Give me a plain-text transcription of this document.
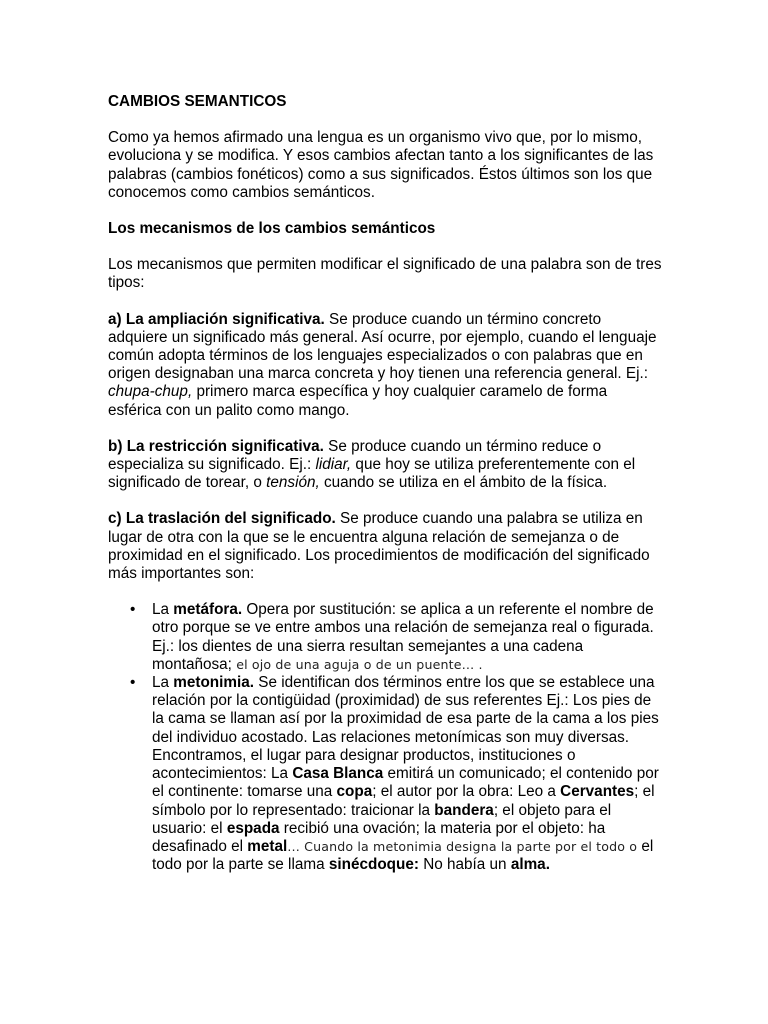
CAMBIOS SEMANTICOS

Como ya hemos afirmado una lengua es un organismo vivo que, por lo mismo, evoluciona y se modifica. Y esos cambios afectan tanto a los significantes de las palabras (cambios fonéticos) como a sus significados. Éstos últimos son los que conocemos como cambios semánticos.

Los mecanismos de los cambios semánticos

Los mecanismos que permiten modificar el significado de una palabra son de tres tipos:

a) La ampliación significativa. Se produce cuando un término concreto adquiere un significado más general. Así ocurre, por ejemplo, cuando el lenguaje común adopta términos de los lenguajes especializados o con palabras que en origen designaban una marca concreta y hoy tienen una referencia general. Ej.: chupa-chup, primero marca específica y hoy cualquier caramelo de forma esférica con un palito como mango.

b) La restricción significativa. Se produce cuando un término reduce o especializa su significado. Ej.: lidiar, que hoy se utiliza preferentemente con el significado de torear, o tensión, cuando se utiliza en el ámbito de la física.

c) La traslación del significado. Se produce cuando una palabra se utiliza en lugar de otra con la que se le encuentra alguna relación de semejanza o de proximidad en el significado. Los procedimientos de modificación del significado más importantes son:

• La metáfora. Opera por sustitución: se aplica a un referente el nombre de otro porque se ve entre ambos una relación de semejanza real o figurada. Ej.: los dientes de una sierra resultan semejantes a una cadena montañosa; el ojo de una aguja o de un puente… .
• La metonimia. Se identifican dos términos entre los que se establece una relación por la contigüidad (proximidad) de sus referentes Ej.: Los pies de la cama se llaman así por la proximidad de esa parte de la cama a los pies del individuo acostado. Las relaciones metonímicas son muy diversas. Encontramos, el lugar para designar productos, instituciones o acontecimientos: La Casa Blanca emitirá un comunicado; el contenido por el continente: tomarse una copa; el autor por la obra: Leo a Cervantes; el símbolo por lo representado: traicionar la bandera; el objeto para el usuario: el espada recibió una ovación; la materia por el objeto: ha desafinado el metal… Cuando la metonimia designa la parte por el todo o el todo por la parte se llama sinécdoque: No había un alma.
